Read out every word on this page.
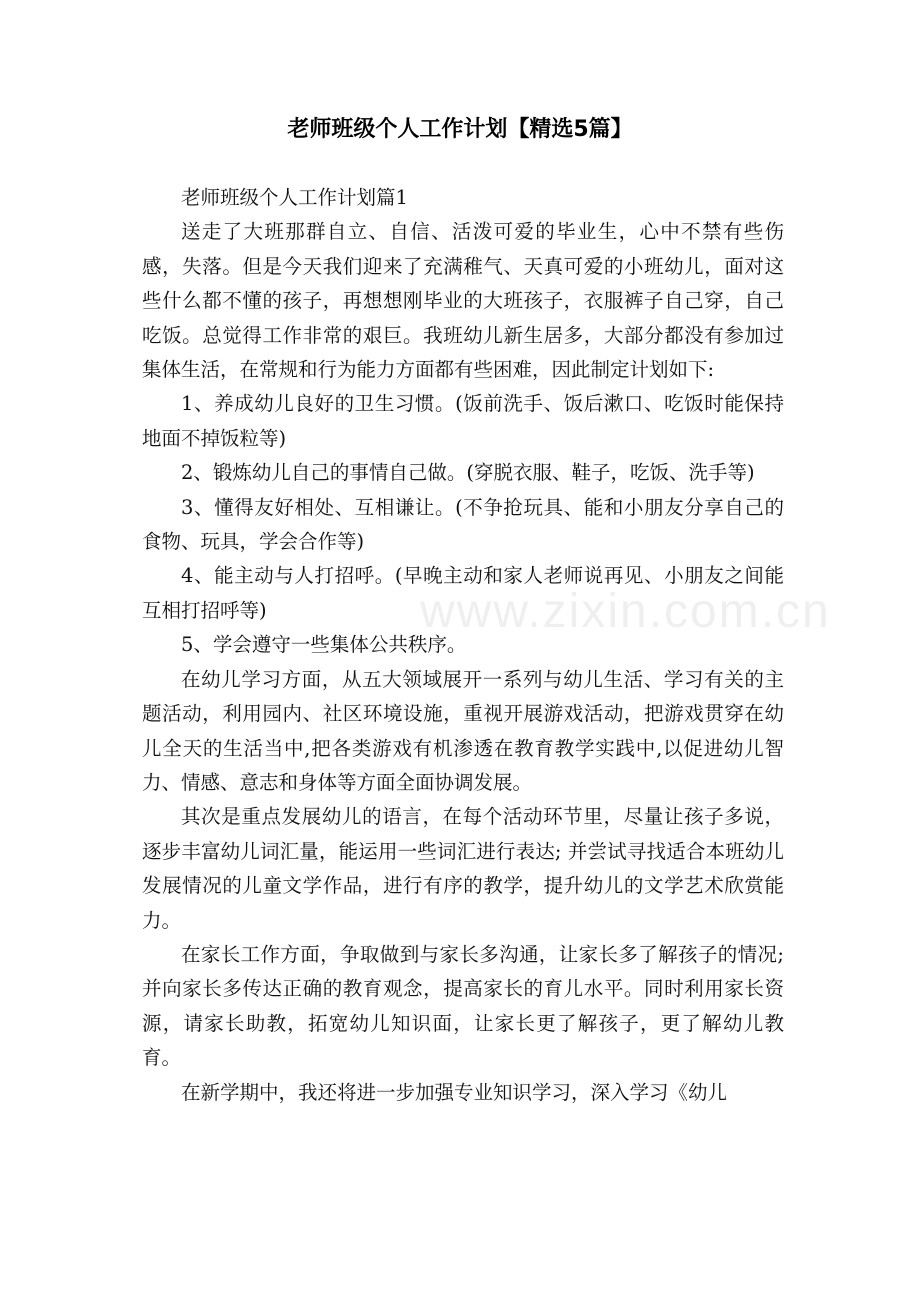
老师班级个人工作计划【精选5篇】

老师班级个人工作计划篇1

送走了大班那群自立、自信、活泼可爱的毕业生，心中不禁有些伤感，失落。但是今天我们迎来了充满稚气、天真可爱的小班幼儿，面对这些什么都不懂的孩子，再想想刚毕业的大班孩子，衣服裤子自己穿，自己吃饭。总觉得工作非常的艰巨。我班幼儿新生居多，大部分都没有参加过集体生活，在常规和行为能力方面都有些困难，因此制定计划如下:

1、养成幼儿良好的卫生习惯。(饭前洗手、饭后漱口、吃饭时能保持地面不掉饭粒等)

2、锻炼幼儿自己的事情自己做。(穿脱衣服、鞋子，吃饭、洗手等)

3、懂得友好相处、互相谦让。(不争抢玩具、能和小朋友分享自己的食物、玩具，学会合作等)

4、能主动与人打招呼。(早晚主动和家人老师说再见、小朋友之间能互相打招呼等)

5、学会遵守一些集体公共秩序。

在幼儿学习方面，从五大领域展开一系列与幼儿生活、学习有关的主题活动，利用园内、社区环境设施，重视开展游戏活动，把游戏贯穿在幼儿全天的生活当中,把各类游戏有机渗透在教育教学实践中,以促进幼儿智力、情感、意志和身体等方面全面协调发展。

其次是重点发展幼儿的语言，在每个活动环节里，尽量让孩子多说，逐步丰富幼儿词汇量，能运用一些词汇进行表达; 并尝试寻找适合本班幼儿发展情况的儿童文学作品，进行有序的教学，提升幼儿的文学艺术欣赏能力。

在家长工作方面，争取做到与家长多沟通，让家长多了解孩子的情况; 并向家长多传达正确的教育观念，提高家长的育儿水平。同时利用家长资源，请家长助教，拓宽幼儿知识面，让家长更了解孩子，更了解幼儿教育。

在新学期中，我还将进一步加强专业知识学习，深入学习《幼儿

www.zixin.com.cn
